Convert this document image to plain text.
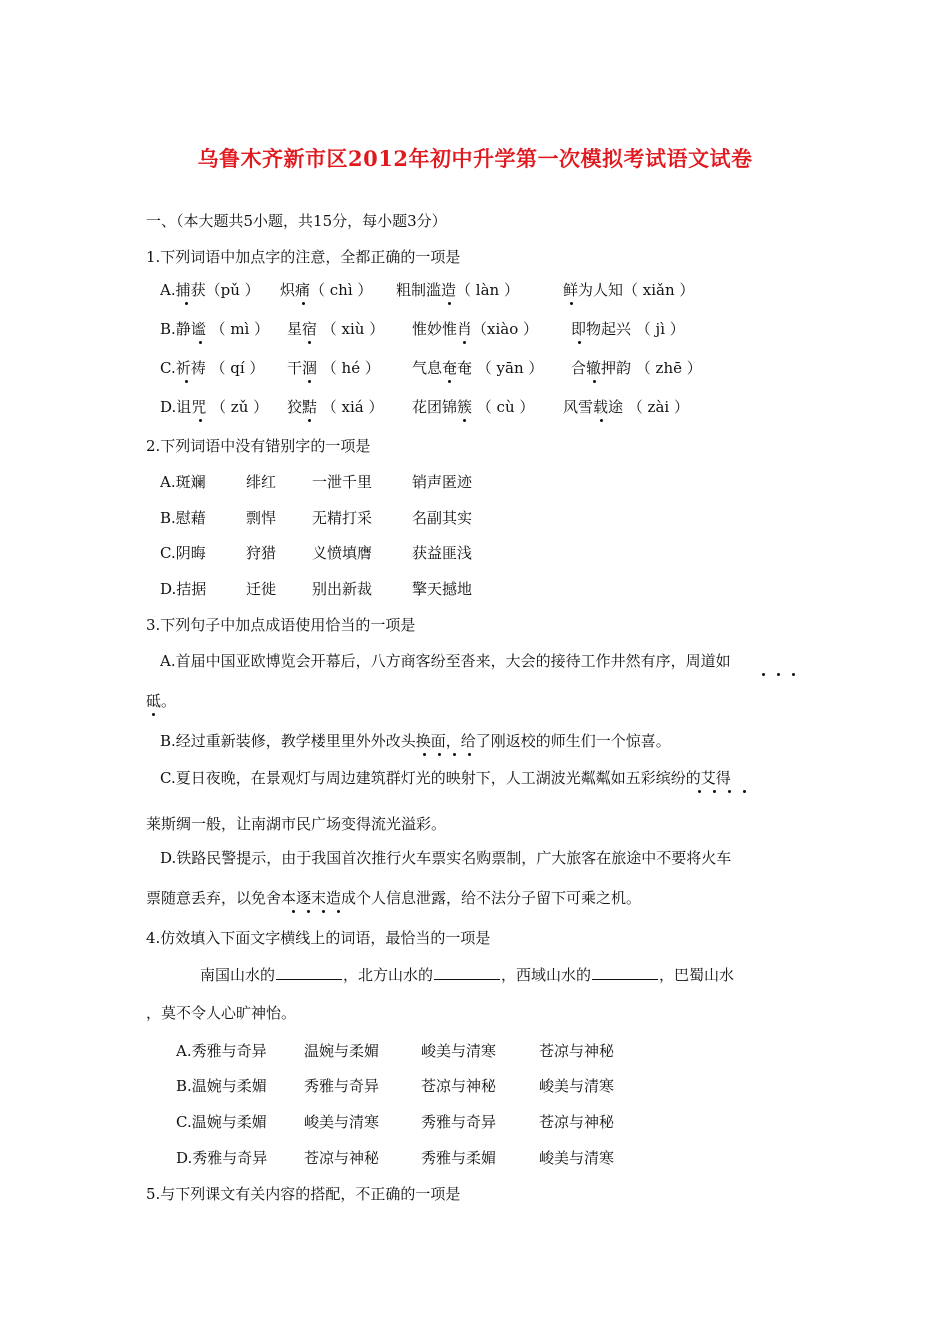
乌鲁木齐新市区2012年初中升学第一次模拟考试语文试卷
一、（本大题共5小题，共15分，每小题3分）
1.下列词语中加点字的注意，全都正确的一项是
A.捕获（pǔ ） 炽痛（ chì ） 粗制滥造（ làn ）	鲜为人知（ xiǎn ）
B.静谧 （ mì ） 星宿 （ xiù ） 惟妙惟肖（xiào ） 即物起兴 （ jì ）
C.祈祷 （ qí ） 干涸 （ hé ） 气息奄奄 （ yān ） 合辙押韵 （ zhē ）
D.诅咒 （ zǔ ） 狡黠 （ xiá ） 花团锦簇 （ cù ） 风雪载途 （ zài ）
2.下列词语中没有错别字的一项是
A.斑斓	绯红 一泄千里	销声匿迹
B.慰藉	剽悍 无精打采	名副其实
C.阴晦	狩猎 义愤填膺	获益匪浅
D.拮据	迁徙 别出新裁	擎天撼地
3.下列句子中加点成语使用恰当的一项是
A.首届中国亚欧博览会开幕后，八方商客纷至沓来，大会的接待工作井然有序，周道如
砥。
B.经过重新装修，教学楼里里外外改头换面，给了刚返校的师生们一个惊喜。
C.夏日夜晚，在景观灯与周边建筑群灯光的映射下，人工湖波光粼粼如五彩缤纷的艾得
莱斯绸一般，让南湖市民广场变得流光溢彩。
D.铁路民警提示，由于我国首次推行火车票实名购票制，广大旅客在旅途中不要将火车
票随意丢弃，以免舍本逐末造成个人信息泄露，给不法分子留下可乘之机。
4.仿效填入下面文字横线上的词语，最恰当的一项是
南国山水的	，北方山水的	，西域山水的	，巴蜀山水
，莫不令人心旷神怡。
A.秀雅与奇异 温婉与柔媚	峻美与清寒	苍凉与神秘
B.温婉与柔媚 秀雅与奇异	苍凉与神秘	峻美与清寒
C.温婉与柔媚 峻美与清寒	秀雅与奇异	苍凉与神秘
D.秀雅与奇异 苍凉与神秘	秀雅与柔媚	峻美与清寒
5.与下列课文有关内容的搭配，不正确的一项是
